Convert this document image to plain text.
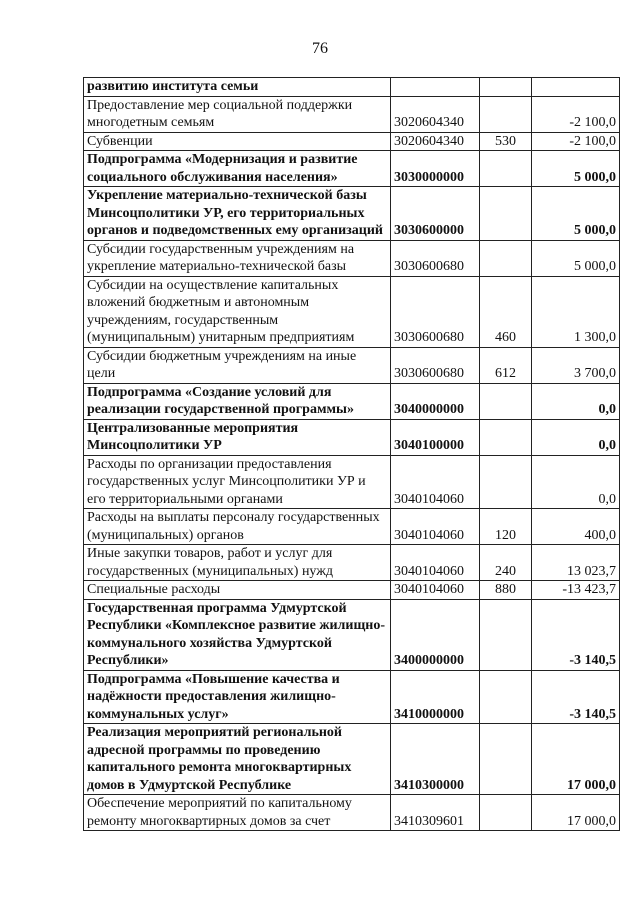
76
развитию института семьи			
Предоставление мер социальной поддержки многодетным семьям	3020604340		-2 100,0
Субвенции	3020604340	530	-2 100,0
Подпрограмма «Модернизация и развитие социального обслуживания населения»	3030000000		5 000,0
Укрепление материально-технической базы Минсоцполитики УР, его территориальных органов и подведомственных ему организаций	3030600000		5 000,0
Субсидии государственным учреждениям на укрепление материально-технической базы	3030600680		5 000,0
Субсидии на осуществление капитальных вложений бюджетным и автономным учреждениям, государственным (муниципальным) унитарным предприятиям	3030600680	460	1 300,0
Субсидии бюджетным учреждениям на иные цели	3030600680	612	3 700,0
Подпрограмма «Создание условий для реализации государственной программы»	3040000000		0,0
Централизованные мероприятия Минсоцполитики УР	3040100000		0,0
Расходы по организации предоставления государственных услуг Минсоцполитики УР и его территориальными органами	3040104060		0,0
Расходы на выплаты персоналу государственных (муниципальных) органов	3040104060	120	400,0
Иные закупки товаров, работ и услуг для государственных (муниципальных) нужд	3040104060	240	13 023,7
Специальные расходы	3040104060	880	-13 423,7
Государственная программа Удмуртской Республики «Комплексное развитие жилищно-коммунального хозяйства Удмуртской Республики»	3400000000		-3 140,5
Подпрограмма «Повышение качества и надёжности предоставления жилищно-коммунальных услуг»	3410000000		-3 140,5
Реализация мероприятий региональной адресной программы по проведению капитального ремонта многоквартирных домов в Удмуртской Республике	3410300000		17 000,0
Обеспечение мероприятий по капитальному ремонту многоквартирных домов за счет	3410309601		17 000,0
